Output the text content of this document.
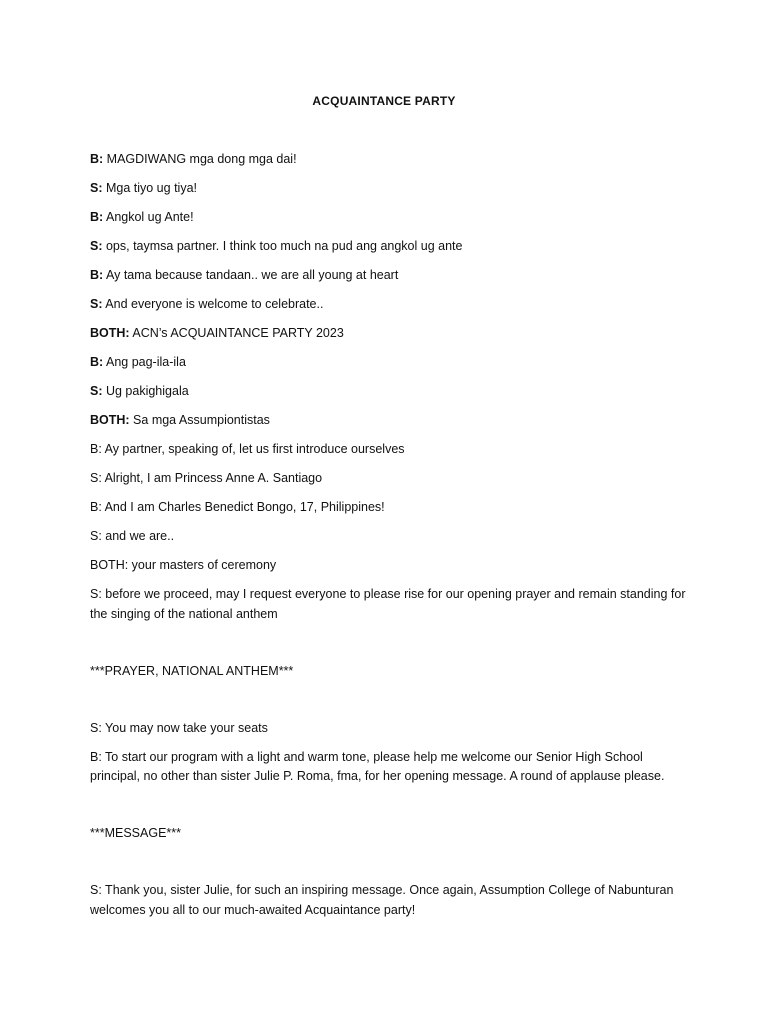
ACQUAINTANCE PARTY
B: MAGDIWANG mga dong mga dai!
S: Mga tiyo ug tiya!
B: Angkol ug Ante!
S: ops, taymsa partner. I think too much na pud ang angkol ug ante
B: Ay tama because tandaan.. we are all young at heart
S: And everyone is welcome to celebrate..
BOTH: ACN’s ACQUAINTANCE PARTY 2023
B: Ang pag-ila-ila
S: Ug pakighigala
BOTH: Sa mga Assumpiontistas
B: Ay partner, speaking of, let us first introduce ourselves
S: Alright, I am Princess Anne A. Santiago
B: And I am Charles Benedict Bongo, 17, Philippines!
S: and we are..
BOTH: your masters of ceremony
S: before we proceed, may I request everyone to please rise for our opening prayer and remain standing for the singing of the national anthem
***PRAYER, NATIONAL ANTHEM***
S: You may now take your seats
B: To start our program with a light and warm tone, please help me welcome our Senior High School principal, no other than sister Julie P. Roma, fma, for her opening message. A round of applause please.
***MESSAGE***
S: Thank you, sister Julie, for such an inspiring message. Once again, Assumption College of Nabunturan welcomes you all to our much-awaited Acquaintance party!
